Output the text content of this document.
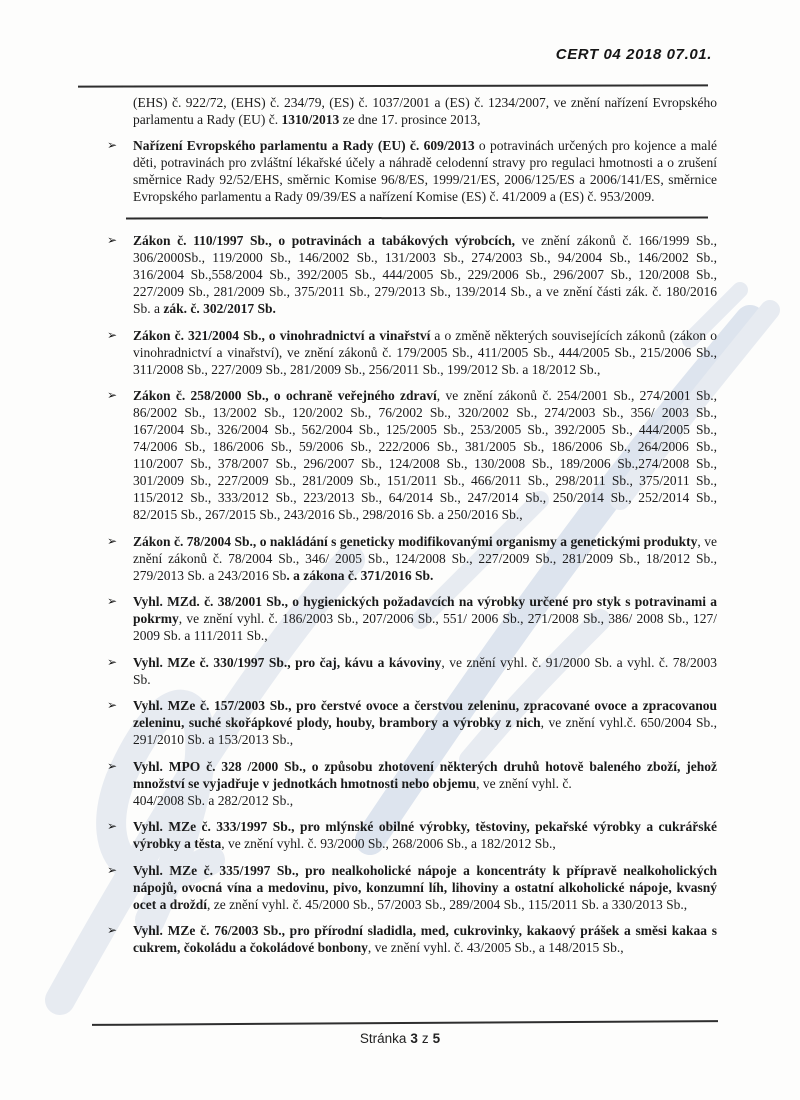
CERT 04 2018 07.01.

(EHS) č. 922/72, (EHS) č. 234/79, (ES) č. 1037/2001 a (ES) č. 1234/2007, ve znění nařízení Evropského parlamentu a Rady (EU) č. 1310/2013 ze dne 17. prosince 2013,

➢ Nařízení Evropského parlamentu a Rady (EU) č. 609/2013 o potravinách určených pro kojence a malé děti, potravinách pro zvláštní lékařské účely a náhradě celodenní stravy pro regulaci hmotnosti a o zrušení směrnice Rady 92/52/EHS, směrnic Komise 96/8/ES, 1999/21/ES, 2006/125/ES a 2006/141/ES, směrnice Evropského parlamentu a Rady 09/39/ES a nařízení Komise (ES) č. 41/2009 a (ES) č. 953/2009.
➢ Zákon č. 110/1997 Sb., o potravinách a tabákových výrobcích, ve znění zákonů č. 166/1999 Sb., 306/2000Sb., 119/2000 Sb., 146/2002 Sb., 131/2003 Sb., 274/2003 Sb., 94/2004 Sb., 146/2002 Sb., 316/2004 Sb.,558/2004 Sb., 392/2005 Sb., 444/2005 Sb., 229/2006 Sb., 296/2007 Sb., 120/2008 Sb., 227/2009 Sb., 281/2009 Sb., 375/2011 Sb., 279/2013 Sb., 139/2014 Sb., a ve znění části zák. č. 180/2016 Sb. a zák. č. 302/2017 Sb.
➢ Zákon č. 321/2004 Sb., o vinohradnictví a vinařství a o změně některých souvisejících zákonů (zákon o vinohradnictví a vinařství), ve znění zákonů č. 179/2005 Sb., 411/2005 Sb., 444/2005 Sb., 215/2006 Sb., 311/2008 Sb., 227/2009 Sb., 281/2009 Sb., 256/2011 Sb., 199/2012 Sb. a 18/2012 Sb.,
➢ Zákon č. 258/2000 Sb., o ochraně veřejného zdraví, ve znění zákonů č. 254/2001 Sb., 274/2001 Sb., 86/2002 Sb., 13/2002 Sb., 120/2002 Sb., 76/2002 Sb., 320/2002 Sb., 274/2003 Sb., 356/ 2003 Sb., 167/2004 Sb., 326/2004 Sb., 562/2004 Sb., 125/2005 Sb., 253/2005 Sb., 392/2005 Sb., 444/2005 Sb., 74/2006 Sb., 186/2006 Sb., 59/2006 Sb., 222/2006 Sb., 381/2005 Sb., 186/2006 Sb., 264/2006 Sb., 110/2007 Sb., 378/2007 Sb., 296/2007 Sb., 124/2008 Sb., 130/2008 Sb., 189/2006 Sb.,274/2008 Sb., 301/2009 Sb., 227/2009 Sb., 281/2009 Sb., 151/2011 Sb., 466/2011 Sb., 298/2011 Sb., 375/2011 Sb., 115/2012 Sb., 333/2012 Sb., 223/2013 Sb., 64/2014 Sb., 247/2014 Sb., 250/2014 Sb., 252/2014 Sb., 82/2015 Sb., 267/2015 Sb., 243/2016 Sb., 298/2016 Sb. a 250/2016 Sb.,
➢ Zákon č. 78/2004 Sb., o nakládání s geneticky modifikovanými organismy a genetickými produkty, ve znění zákonů č. 78/2004 Sb., 346/ 2005 Sb., 124/2008 Sb., 227/2009 Sb., 281/2009 Sb., 18/2012 Sb., 279/2013 Sb. a 243/2016 Sb. a zákona č. 371/2016 Sb.
➢ Vyhl. MZd. č. 38/2001 Sb., o hygienických požadavcích na výrobky určené pro styk s potravinami a pokrmy, ve znění vyhl. č. 186/2003 Sb., 207/2006 Sb., 551/ 2006 Sb., 271/2008 Sb., 386/ 2008 Sb., 127/ 2009 Sb. a 111/2011 Sb.,
➢ Vyhl. MZe č. 330/1997 Sb., pro čaj, kávu a kávoviny, ve znění vyhl. č. 91/2000 Sb. a vyhl. č. 78/2003 Sb.
➢ Vyhl. MZe č. 157/2003 Sb., pro čerstvé ovoce a čerstvou zeleninu, zpracované ovoce a zpracovanou zeleninu, suché skořápkové plody, houby, brambory a výrobky z nich, ve znění vyhl.č. 650/2004 Sb., 291/2010 Sb. a 153/2013 Sb.,
➢ Vyhl. MPO č. 328 /2000 Sb., o způsobu zhotovení některých druhů hotově baleného zboží, jehož množství se vyjadřuje v jednotkách hmotnosti nebo objemu, ve znění vyhl. č.
404/2008 Sb. a 282/2012 Sb.,
➢ Vyhl. MZe č. 333/1997 Sb., pro mlýnské obilné výrobky, těstoviny, pekařské výrobky a cukrářské výrobky a těsta, ve znění vyhl. č. 93/2000 Sb., 268/2006 Sb., a 182/2012 Sb.,
➢ Vyhl. MZe č. 335/1997 Sb., pro nealkoholické nápoje a koncentráty k přípravě nealkoholických nápojů, ovocná vína a medovinu, pivo, konzumní líh, lihoviny a ostatní alkoholické nápoje, kvasný ocet a droždí, ze znění vyhl. č. 45/2000 Sb., 57/2003 Sb., 289/2004 Sb., 115/2011 Sb. a 330/2013 Sb.,
➢ Vyhl. MZe č. 76/2003 Sb., pro přírodní sladidla, med, cukrovinky, kakaový prášek a směsi kakaa s cukrem, čokoládu a čokoládové bonbony, ve znění vyhl. č. 43/2005 Sb., a 148/2015 Sb.,
Stránka 3 z 5
